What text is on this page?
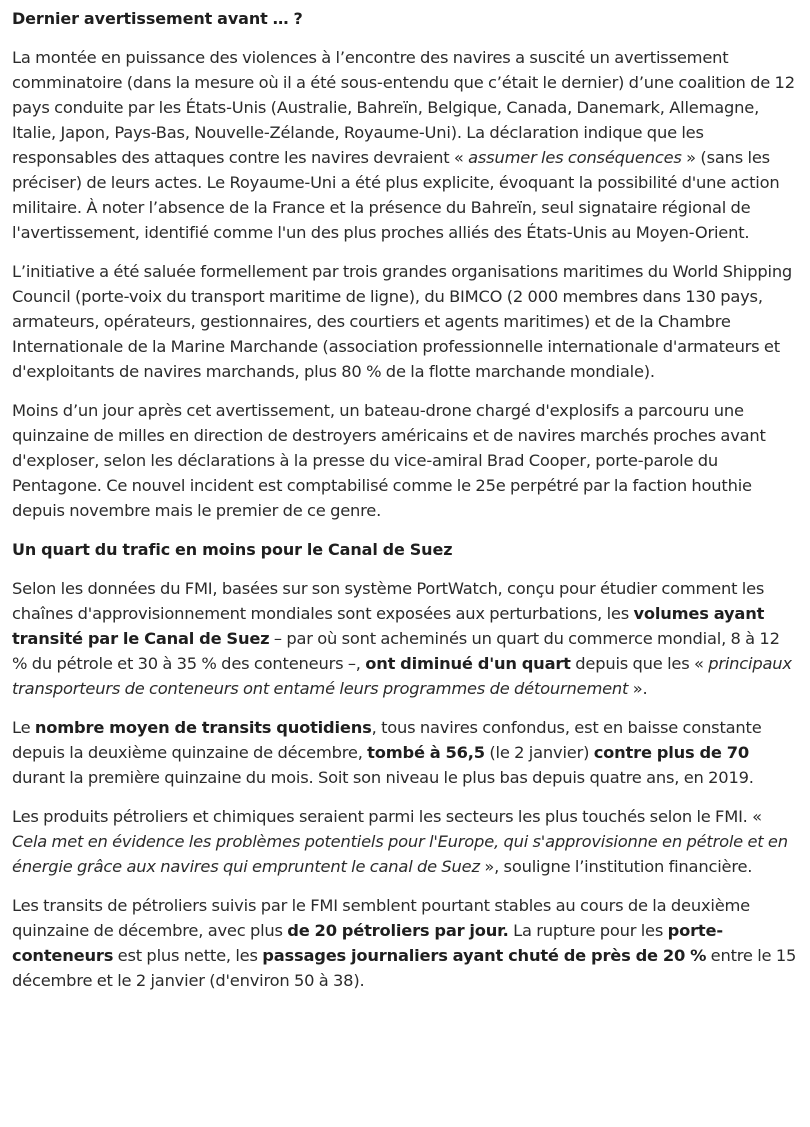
Dernier avertissement avant … ?

La montée en puissance des violences à l’encontre des navires a suscité un avertissement comminatoire (dans la mesure où il a été sous-entendu que c’était le dernier) d’une coalition de 12 pays conduite par les États-Unis (Australie, Bahreïn, Belgique, Canada, Danemark, Allemagne, Italie, Japon, Pays-Bas, Nouvelle-Zélande, Royaume-Uni). La déclaration indique que les responsables des attaques contre les navires devraient « assumer les conséquences » (sans les préciser) de leurs actes. Le Royaume-Uni a été plus explicite, évoquant la possibilité d'une action militaire. À noter l’absence de la France et la présence du Bahreïn, seul signataire régional de l'avertissement, identifié comme l'un des plus proches alliés des États-Unis au Moyen-Orient.

L’initiative a été saluée formellement par trois grandes organisations maritimes du World Shipping Council (porte-voix du transport maritime de ligne), du BIMCO (2 000 membres dans 130 pays, armateurs, opérateurs, gestionnaires, des courtiers et agents maritimes) et de la Chambre Internationale de la Marine Marchande (association professionnelle internationale d'armateurs et d'exploitants de navires marchands, plus 80 % de la flotte marchande mondiale).

Moins d’un jour après cet avertissement, un bateau-drone chargé d'explosifs a parcouru une quinzaine de milles en direction de destroyers américains et de navires marchés proches avant d'exploser, selon les déclarations à la presse du vice-amiral Brad Cooper, porte-parole du Pentagone. Ce nouvel incident est comptabilisé comme le 25e perpétré par la faction houthie depuis novembre mais le premier de ce genre.

Un quart du trafic en moins pour le Canal de Suez

Selon les données du FMI, basées sur son système PortWatch, conçu pour étudier comment les chaînes d'approvisionnement mondiales sont exposées aux perturbations, les volumes ayant transité par le Canal de Suez – par où sont acheminés un quart du commerce mondial, 8 à 12 % du pétrole et 30 à 35 % des conteneurs –, ont diminué d'un quart depuis que les « principaux transporteurs de conteneurs ont entamé leurs programmes de détournement ».

Le nombre moyen de transits quotidiens, tous navires confondus, est en baisse constante depuis la deuxième quinzaine de décembre, tombé à 56,5 (le 2 janvier) contre plus de 70 durant la première quinzaine du mois. Soit son niveau le plus bas depuis quatre ans, en 2019.

Les produits pétroliers et chimiques seraient parmi les secteurs les plus touchés selon le FMI. « Cela met en évidence les problèmes potentiels pour l'Europe, qui s'approvisionne en pétrole et en énergie grâce aux navires qui empruntent le canal de Suez », souligne l’institution financière.

Les transits de pétroliers suivis par le FMI semblent pourtant stables au cours de la deuxième quinzaine de décembre, avec plus de 20 pétroliers par jour. La rupture pour les porte-conteneurs est plus nette, les passages journaliers ayant chuté de près de 20 % entre le 15 décembre et le 2 janvier (d'environ 50 à 38).
